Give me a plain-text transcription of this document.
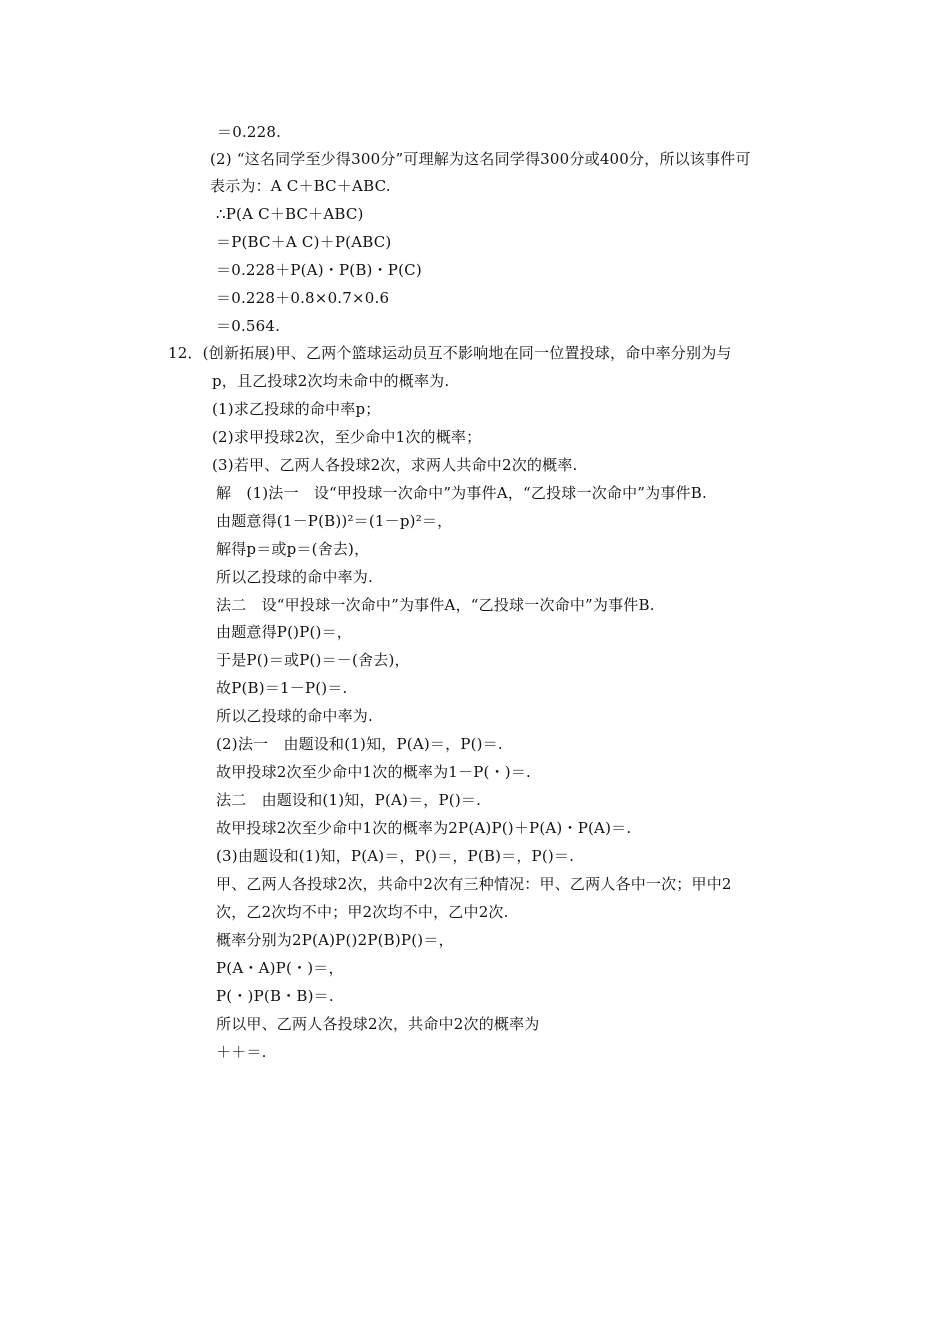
＝0.228.
(2) “这名同学至少得300分”可理解为这名同学得300分或400分，所以该事件可
表示为：A C＋BC＋ABC.
∴P(A C＋BC＋ABC)
＝P(BC＋A C)＋P(ABC)
＝0.228＋P(A)・P(B)・P(C)
＝0.228＋0.8×0.7×0.6
＝0.564.
12．(创新拓展)甲、乙两个篮球运动员互不影响地在同一位置投球，命中率分别为与
p，且乙投球2次均未命中的概率为.
(1)求乙投球的命中率p；
(2)求甲投球2次，至少命中1次的概率；
(3)若甲、乙两人各投球2次，求两人共命中2次的概率.
解　(1)法一　设“甲投球一次命中”为事件A，“乙投球一次命中”为事件B.
由题意得(1－P(B))²＝(1－p)²＝，
解得p＝或p＝(舍去)，
所以乙投球的命中率为.
法二　设“甲投球一次命中”为事件A，“乙投球一次命中”为事件B.
由题意得P()P()＝，
于是P()＝或P()＝－(舍去)，
故P(B)＝1－P()＝.
所以乙投球的命中率为.
(2)法一　由题设和(1)知，P(A)＝，P()＝.
故甲投球2次至少命中1次的概率为1－P(・)＝.
法二　由题设和(1)知，P(A)＝，P()＝.
故甲投球2次至少命中1次的概率为2P(A)P()＋P(A)・P(A)＝.
(3)由题设和(1)知，P(A)＝，P()＝，P(B)＝，P()＝.
甲、乙两人各投球2次，共命中2次有三种情况：甲、乙两人各中一次；甲中2
次，乙2次均不中；甲2次均不中，乙中2次.
概率分别为2P(A)P()2P(B)P()＝，
P(A・A)P(・)＝，
P(・)P(B・B)＝.
所以甲、乙两人各投球2次，共命中2次的概率为
＋＋＝.
